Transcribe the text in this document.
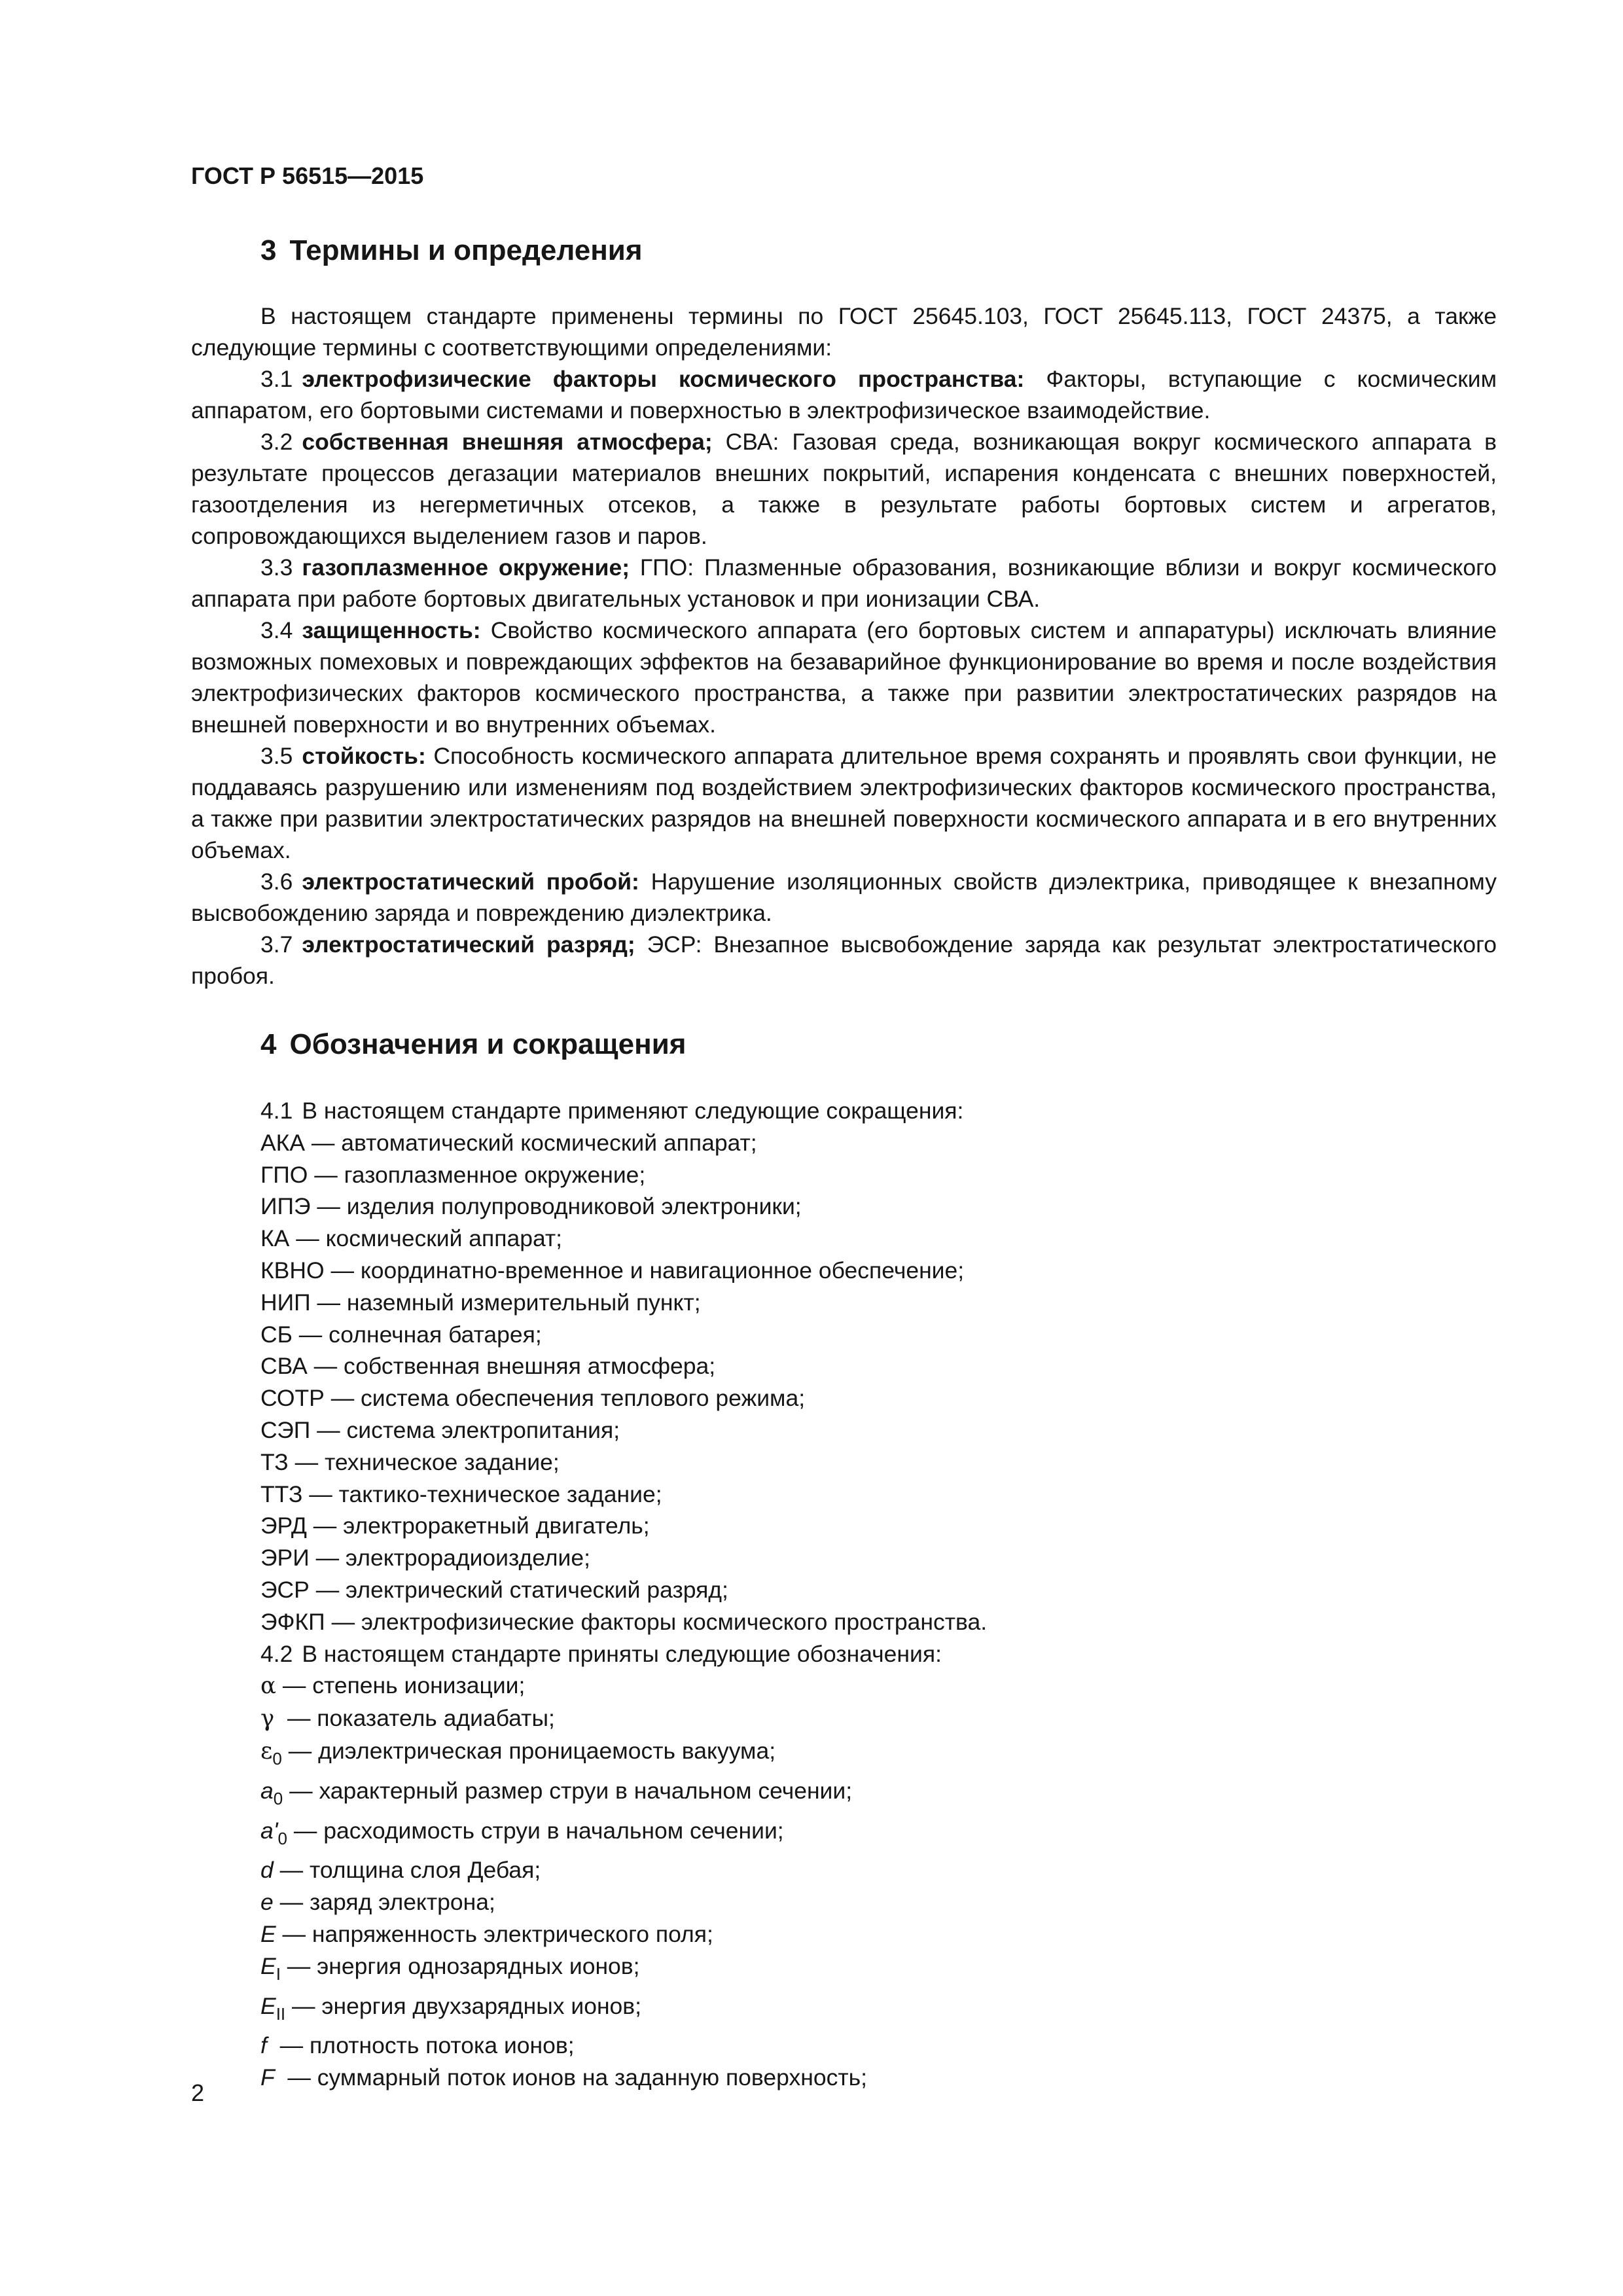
ГОСТ Р 56515—2015
3 Термины и определения

В настоящем стандарте применены термины по ГОСТ 25645.103, ГОСТ 25645.113, ГОСТ 24375, а также следующие термины с соответствующими определениями:

3.1 электрофизические факторы космического пространства: Факторы, вступающие с космическим аппаратом, его бортовыми системами и поверхностью в электрофизическое взаимодействие.

3.2 собственная внешняя атмосфера; СВА: Газовая среда, возникающая вокруг космического аппарата в результате процессов дегазации материалов внешних покрытий, испарения конденсата с внешних поверхностей, газоотделения из негерметичных отсеков, а также в результате работы бортовых систем и агрегатов, сопровождающихся выделением газов и паров.

3.3 газоплазменное окружение; ГПО: Плазменные образования, возникающие вблизи и вокруг космического аппарата при работе бортовых двигательных установок и при ионизации СВА.

3.4 защищенность: Свойство космического аппарата (его бортовых систем и аппаратуры) исключать влияние возможных помеховых и повреждающих эффектов на безаварийное функционирование во время и после воздействия электрофизических факторов космического пространства, а также при развитии электростатических разрядов на внешней поверхности и во внутренних объемах.

3.5 стойкость: Способность космического аппарата длительное время сохранять и проявлять свои функции, не поддаваясь разрушению или изменениям под воздействием электрофизических факторов космического пространства, а также при развитии электростатических разрядов на внешней поверхности космического аппарата и в его внутренних объемах.

3.6 электростатический пробой: Нарушение изоляционных свойств диэлектрика, приводящее к внезапному высвобождению заряда и повреждению диэлектрика.

3.7 электростатический разряд; ЭСР: Внезапное высвобождение заряда как результат электростатического пробоя.

4 Обозначения и сокращения

4.1 В настоящем стандарте применяют следующие сокращения:

АКА — автоматический космический аппарат;

ГПО — газоплазменное окружение;

ИПЭ — изделия полупроводниковой электроники;

КА — космический аппарат;

КВНО — координатно-временное и навигационное обеспечение;

НИП — наземный измерительный пункт;

СБ — солнечная батарея;

СВА — собственная внешняя атмосфера;

СОТР — система обеспечения теплового режима;

СЭП — система электропитания;

ТЗ — техническое задание;

ТТЗ — тактико-техническое задание;

ЭРД — электроракетный двигатель;

ЭРИ — электрорадиоизделие;

ЭСР — электрический статический разряд;

ЭФКП — электрофизические факторы космического пространства.

4.2 В настоящем стандарте приняты следующие обозначения:

α — степень ионизации;

γ  — показатель адиабаты;

$\varepsilon_0$ — диэлектрическая проницаемость вакуума;

$a_0$ — характерный размер струи в начальном сечении;

$a'_0$ — расходимость струи в начальном сечении;

d — толщина слоя Дебая;

e — заряд электрона;

E — напряженность электрического поля;

$E_I$ — энергия однозарядных ионов;

$E_{II}$ — энергия двухзарядных ионов;

f  — плотность потока ионов;

F  — суммарный поток ионов на заданную поверхность;

2
